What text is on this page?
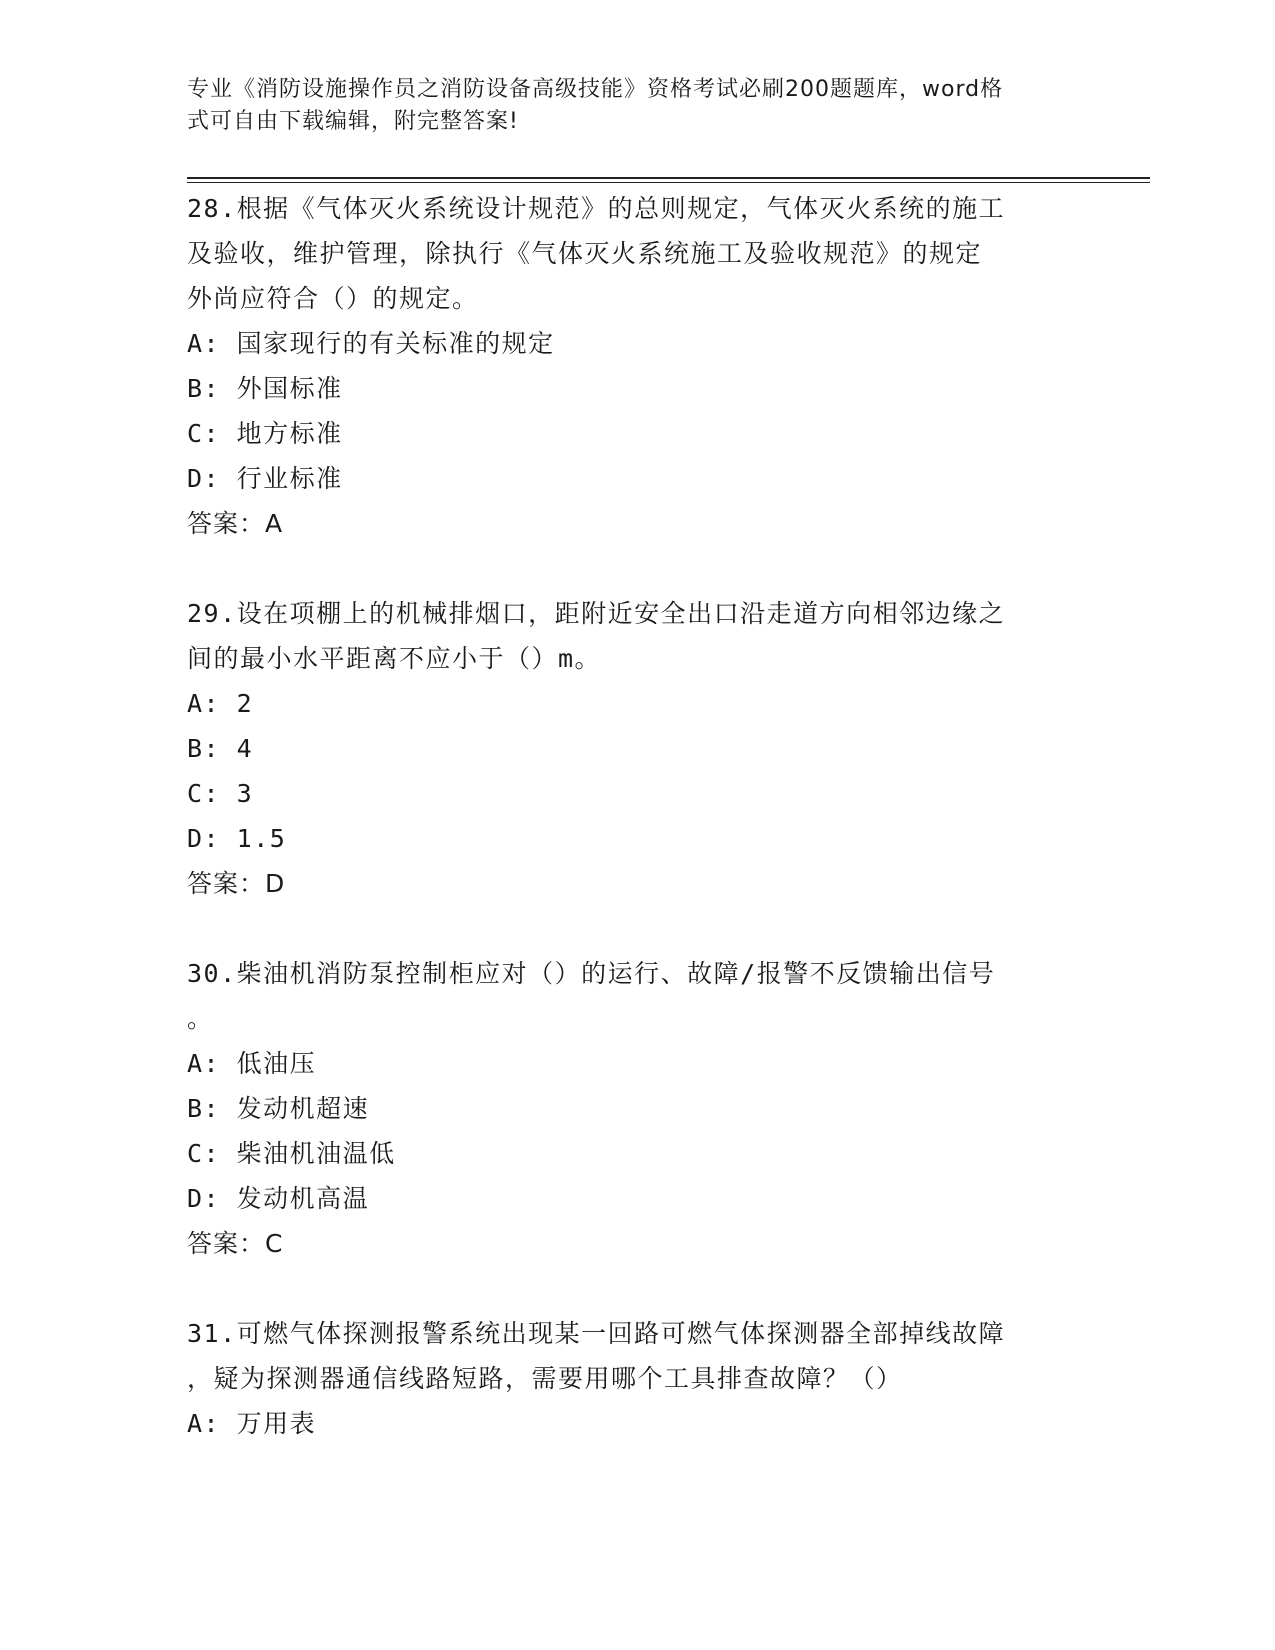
专业《消防设施操作员之消防设备高级技能》资格考试必刷200题题库，word格
式可自由下载编辑，附完整答案!
28.根据《气体灭火系统设计规范》的总则规定，气体灭火系统的施工
及验收，维护管理，除执行《气体灭火系统施工及验收规范》的规定
外尚应符合（）的规定。
A: 国家现行的有关标准的规定
B: 外国标准
C: 地方标准
D: 行业标准
答案：A
29.设在项棚上的机械排烟口，距附近安全出口沿走道方向相邻边缘之
间的最小水平距离不应小于（）m。
A: 2
B: 4
C: 3
D: 1.5
答案：D
30.柴油机消防泵控制柜应对（）的运行、故障/报警不反馈输出信号
。
A: 低油压
B: 发动机超速
C: 柴油机油温低
D: 发动机高温
答案：C
31.可燃气体探测报警系统出现某一回路可燃气体探测器全部掉线故障
，疑为探测器通信线路短路，需要用哪个工具排查故障？（）
A: 万用表
